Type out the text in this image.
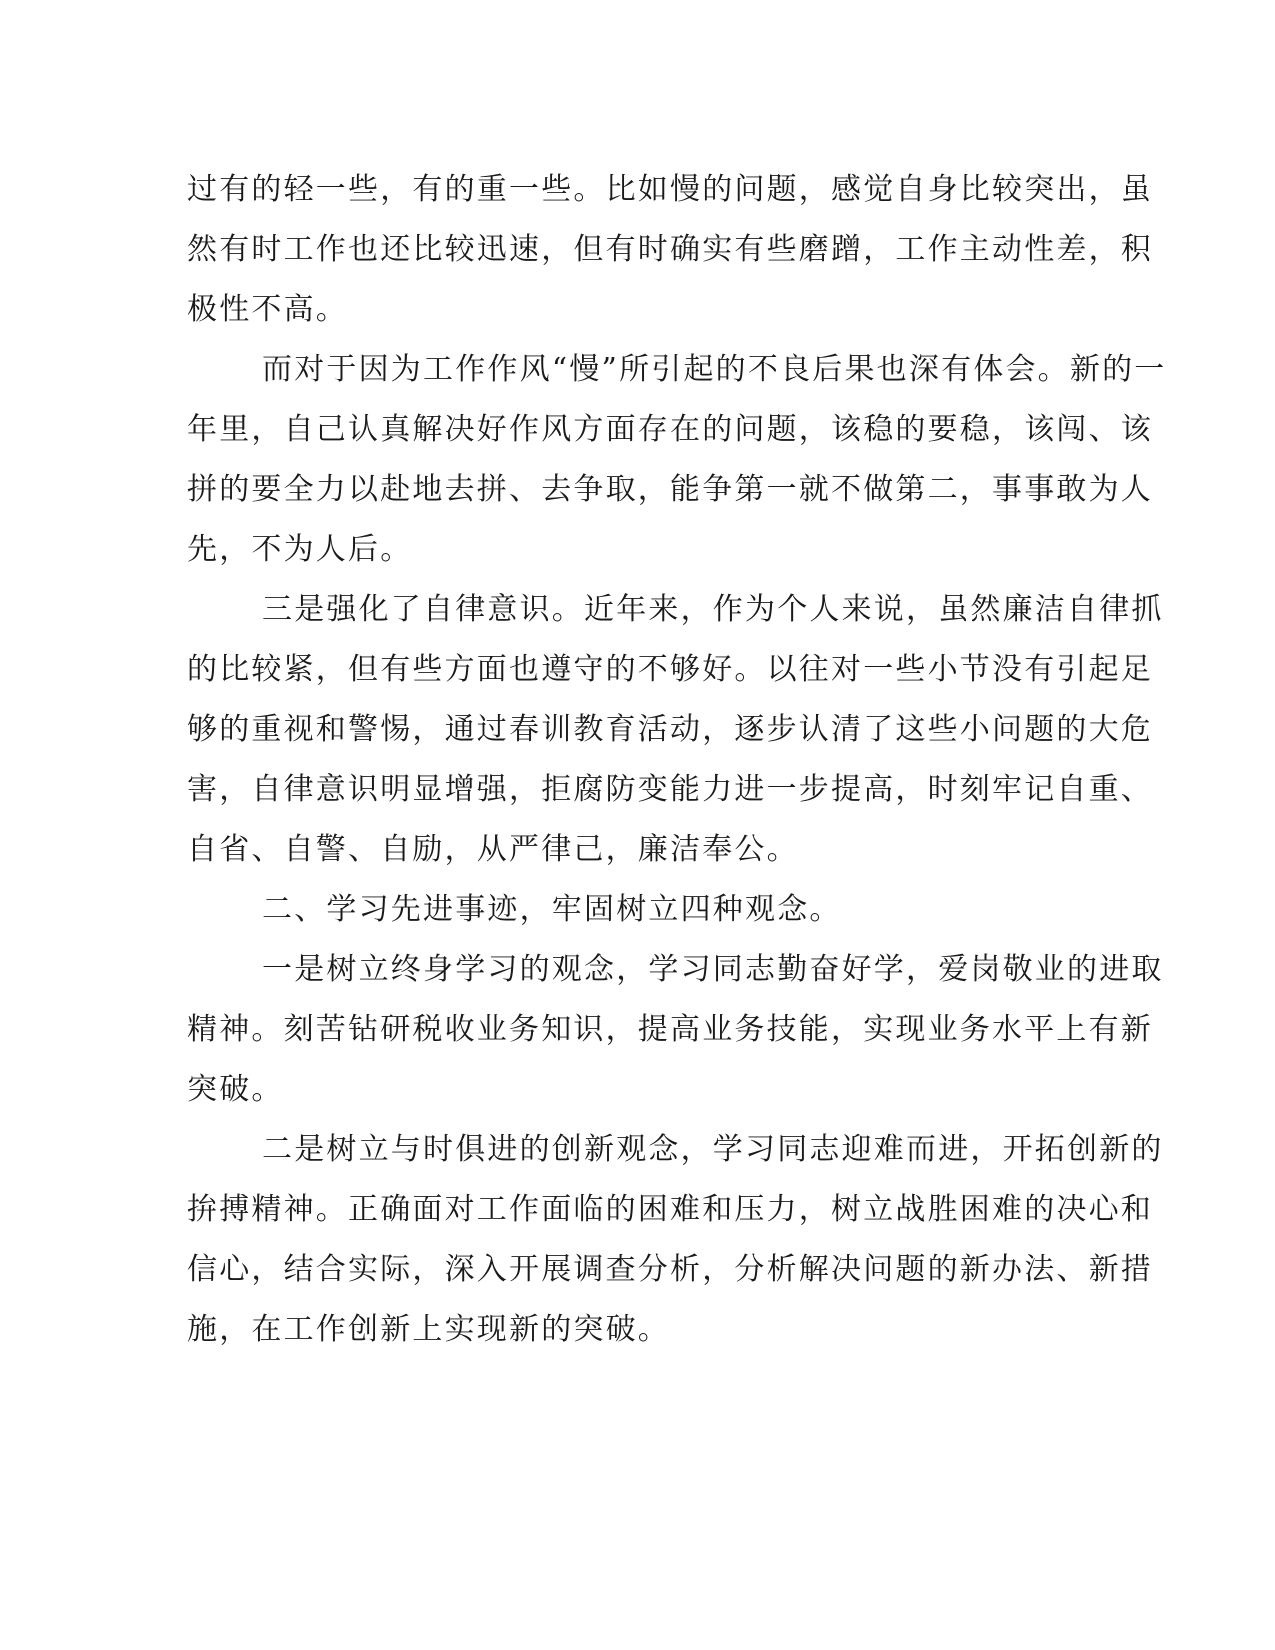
过有的轻一些，有的重一些。比如慢的问题，感觉自身比较突出，虽
然有时工作也还比较迅速，但有时确实有些磨蹭，工作主动性差，积
极性不高。

而对于因为工作作风“慢”所引起的不良后果也深有体会。新的一
年里，自己认真解决好作风方面存在的问题，该稳的要稳，该闯、该
拼的要全力以赴地去拼、去争取，能争第一就不做第二，事事敢为人
先，不为人后。

三是强化了自律意识。近年来，作为个人来说，虽然廉洁自律抓
的比较紧，但有些方面也遵守的不够好。以往对一些小节没有引起足
够的重视和警惕，通过春训教育活动，逐步认清了这些小问题的大危
害，自律意识明显增强，拒腐防变能力进一步提高，时刻牢记自重、
自省、自警、自励，从严律己，廉洁奉公。

二、学习先进事迹，牢固树立四种观念。

一是树立终身学习的观念，学习同志勤奋好学，爱岗敬业的进取
精神。刻苦钻研税收业务知识，提高业务技能，实现业务水平上有新
突破。

二是树立与时俱进的创新观念，学习同志迎难而进，开拓创新的
拚搏精神。正确面对工作面临的困难和压力，树立战胜困难的决心和
信心，结合实际，深入开展调查分析，分析解决问题的新办法、新措
施，在工作创新上实现新的突破。
